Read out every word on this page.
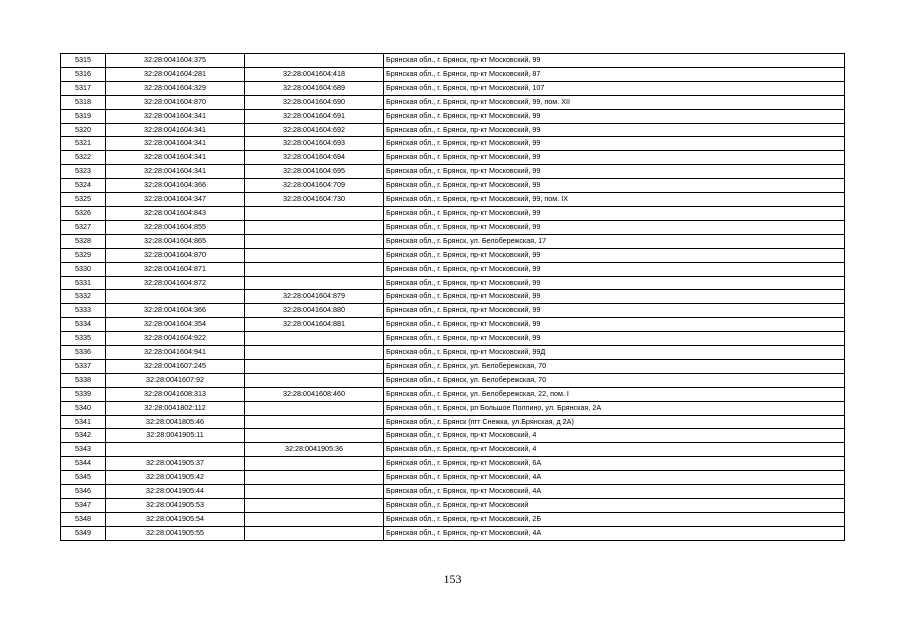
5315	32:28:0041604:375		Брянская обл., г. Брянск, пр-кт Московский, 99
5316	32:28:0041604:281	32:28:0041604:418	Брянская обл., г. Брянск, пр-кт Московский, 87
5317	32:28:0041604:329	32:28:0041604:689	Брянская обл., г. Брянск, пр-кт Московский, 107
5318	32:28:0041604:870	32:28:0041604:690	Брянская обл., г. Брянск, пр-кт Московский, 99, пом. XII
5319	32:28:0041604:341	32:28:0041604:691	Брянская обл., г. Брянск, пр-кт Московский, 99
5320	32:28:0041604:341	32:28:0041604:692	Брянская обл., г. Брянск, пр-кт Московский, 99
5321	32:28:0041604:341	32:28:0041604:693	Брянская обл., г. Брянск, пр-кт Московский, 99
5322	32:28:0041604:341	32:28:0041604:694	Брянская обл., г. Брянск, пр-кт Московский, 99
5323	32:28:0041604:341	32:28:0041604:695	Брянская обл., г. Брянск, пр-кт Московский, 99
5324	32:28:0041604:366	32:28:0041604:709	Брянская обл., г. Брянск, пр-кт Московский, 99
5325	32:28:0041604:347	32:28:0041604:730	Брянская обл., г. Брянск, пр-кт Московский, 99, пом. IX
5326	32:28:0041604:843		Брянская обл., г. Брянск, пр-кт Московский, 99
5327	32:28:0041604:855		Брянская обл., г. Брянск, пр-кт Московский, 99
5328	32:28:0041604:865		Брянская обл., г. Брянск, ул. Белобережская, 17
5329	32:28:0041604:870		Брянская обл., г. Брянск, пр-кт Московский, 99
5330	32:28:0041604:871		Брянская обл., г. Брянск, пр-кт Московский, 99
5331	32:28:0041604:872		Брянская обл., г. Брянск, пр-кт Московский, 99
5332		32:28:0041604:879	Брянская обл., г. Брянск, пр-кт Московский, 99
5333	32:28:0041604:366	32:28:0041604:880	Брянская обл., г. Брянск, пр-кт Московский, 99
5334	32:28:0041604:354	32:28:0041604:881	Брянская обл., г. Брянск, пр-кт Московский, 99
5335	32:28:0041604:922		Брянская обл., г. Брянск, пр-кт Московский, 99
5336	32:28:0041604:941		Брянская обл., г. Брянск, пр-кт Московский, 99Д
5337	32:28:0041607:245		Брянская обл., г. Брянск, ул. Белобережская, 70
5338	32:28:0041607:92		Брянская обл., г. Брянск, ул. Белобережская, 70
5339	32:28:0041608:313	32:28:0041608:460	Брянская обл., г. Брянск, ул. Белобережская, 22, пом. I
5340	32:28:0041802:112		Брянская обл., г. Брянск, рп Большое Полпино, ул. Брянская, 2А
5341	32:28:0041805:46		Брянская обл., г. Брянск (пгт Снежка, ул.Брянская, д 2А)
5342	32:28:0041905:11		Брянская обл., г. Брянск, пр-кт Московский, 4
5343		32:28:0041905:36	Брянская обл., г. Брянск, пр-кт Московский, 4
5344	32:28:0041905:37		Брянская обл., г. Брянск, пр-кт Московский, 6А
5345	32:28:0041905:42		Брянская обл., г. Брянск, пр-кт Московский, 4А
5346	32:28:0041905:44		Брянская обл., г. Брянск, пр-кт Московский, 4А
5347	32:28:0041905:53		Брянская обл., г. Брянск, пр-кт Московский
5348	32:28:0041905:54		Брянская обл., г. Брянск, пр-кт Московский, 2Б
5349	32:28:0041905:55		Брянская обл., г. Брянск, пр-кт Московский, 4А
153
